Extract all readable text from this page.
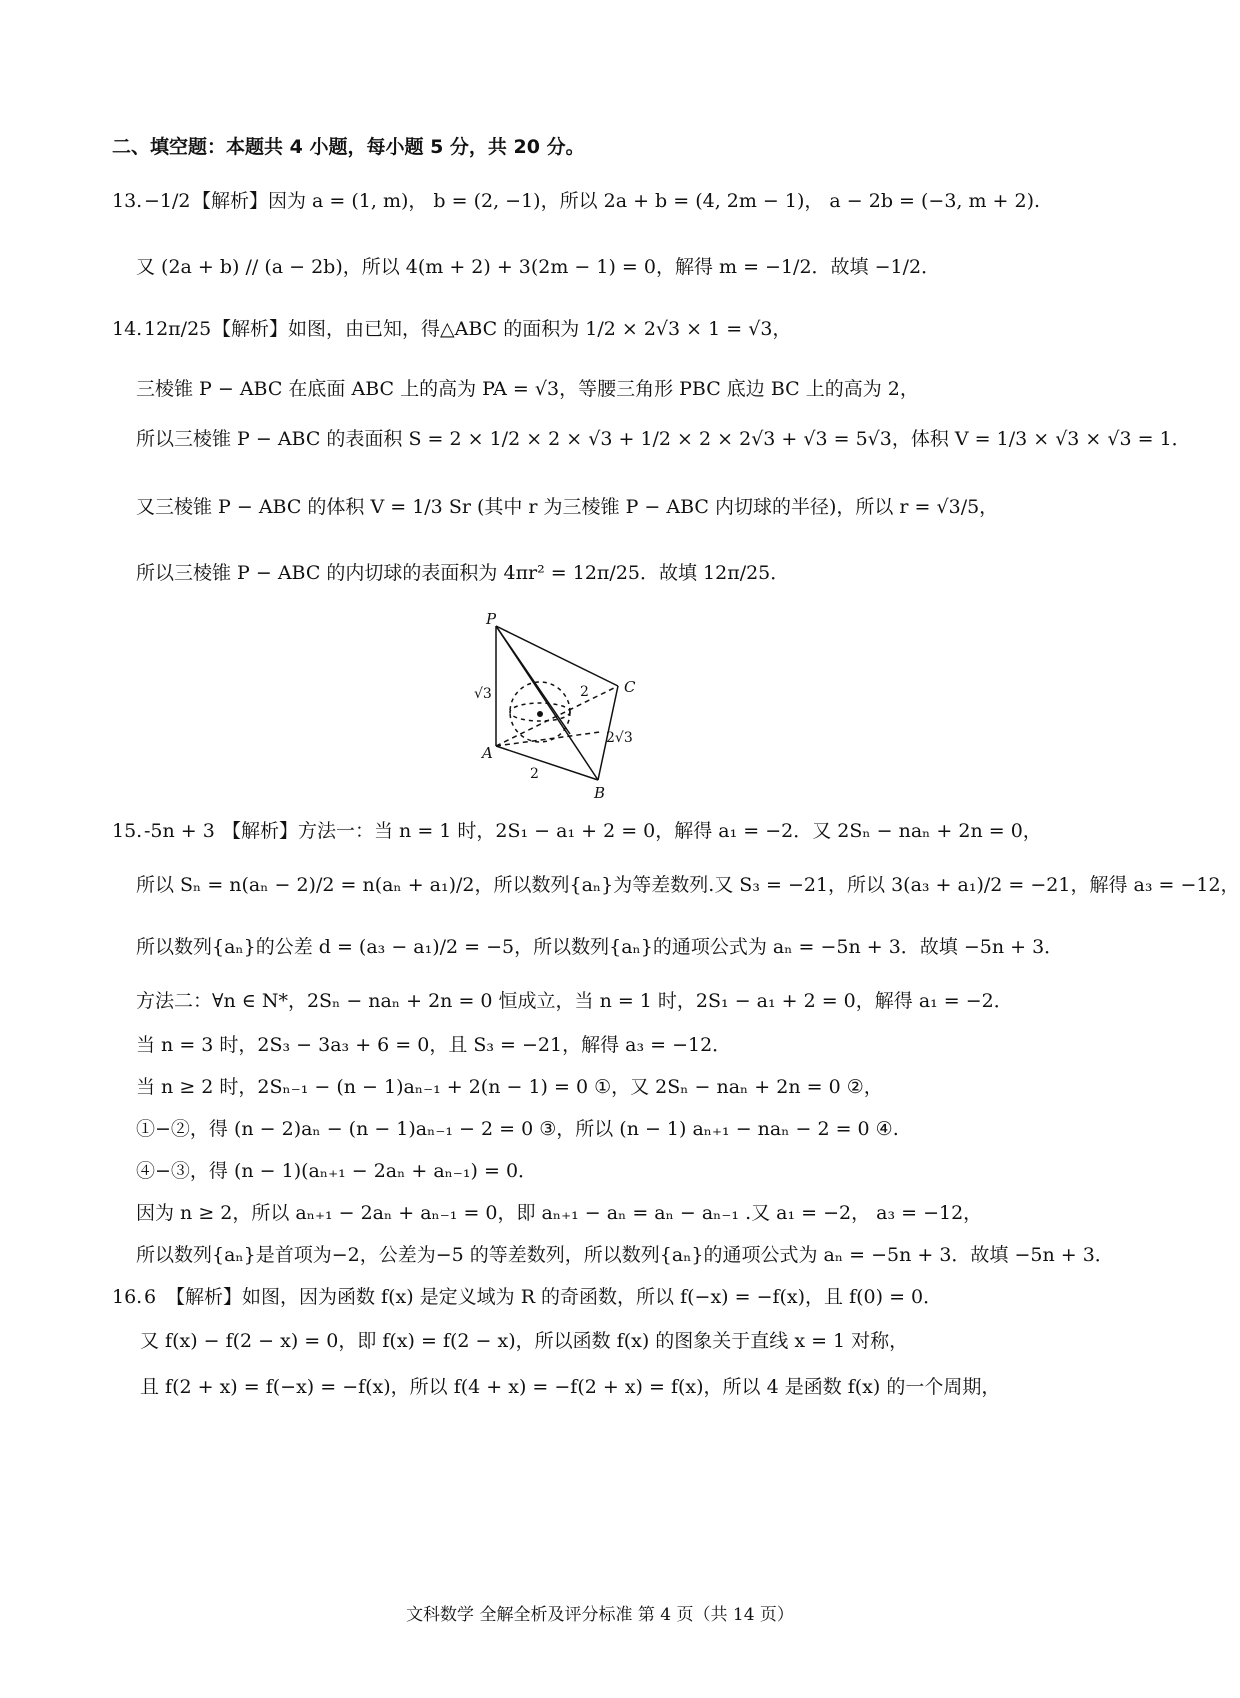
二、填空题：本题共 4 小题，每小题 5 分，共 20 分。
13. −1/2 【解析】因为 a = (1, m)， b = (2, −1)，所以 2a + b = (4, 2m − 1)， a − 2b = (−3, m + 2).
又 (2a + b) // (a − 2b)，所以 4(m + 2) + 3(2m − 1) = 0，解得 m = −1/2．故填 −1/2．
14. 12π/25 【解析】如图，由已知，得△ABC 的面积为 1/2 × 2√3 × 1 = √3，
三棱锥 P − ABC 在底面 ABC 上的高为 PA = √3，等腰三角形 PBC 底边 BC 上的高为 2，
所以三棱锥 P − ABC 的表面积 S = 2 × 1/2 × 2 × √3 + 1/2 × 2 × 2√3 + √3 = 5√3，体积 V = 1/3 × √3 × √3 = 1．
又三棱锥 P − ABC 的体积 V = 1/3 Sr (其中 r 为三棱锥 P − ABC 内切球的半径)，所以 r = √3/5，
所以三棱锥 P − ABC 的内切球的表面积为 4πr² = 12π/25．故填 12π/25．
P
A
B
C
√3	2
2
2√3
15. -5n + 3 【解析】方法一：当 n = 1 时，2S₁ − a₁ + 2 = 0，解得 a₁ = −2．又 2Sₙ − naₙ + 2n = 0，
所以 Sₙ = n(aₙ − 2)/2 = n(aₙ + a₁)/2，所以数列{aₙ}为等差数列.又 S₃ = −21，所以 3(a₃ + a₁)/2 = −21，解得 a₃ = −12，
所以数列{aₙ}的公差 d = (a₃ − a₁)/2 = −5，所以数列{aₙ}的通项公式为 aₙ = −5n + 3．故填 −5n + 3．
方法二：∀n ∈ N*，2Sₙ − naₙ + 2n = 0 恒成立，当 n = 1 时，2S₁ − a₁ + 2 = 0，解得 a₁ = −2．
当 n = 3 时，2S₃ − 3a₃ + 6 = 0，且 S₃ = −21，解得 a₃ = −12．
当 n ≥ 2 时，2Sₙ₋₁ − (n − 1)aₙ₋₁ + 2(n − 1) = 0 ①，又 2Sₙ − naₙ + 2n = 0 ②，
①−②，得 (n − 2)aₙ − (n − 1)aₙ₋₁ − 2 = 0 ③，所以 (n − 1) aₙ₊₁ − naₙ − 2 = 0 ④.
④−③，得 (n − 1)(aₙ₊₁ − 2aₙ + aₙ₋₁) = 0．
因为 n ≥ 2，所以 aₙ₊₁ − 2aₙ + aₙ₋₁ = 0，即 aₙ₊₁ − aₙ = aₙ − aₙ₋₁ .又 a₁ = −2， a₃ = −12，
所以数列{aₙ}是首项为−2，公差为−5 的等差数列，所以数列{aₙ}的通项公式为 aₙ = −5n + 3．故填 −5n + 3．
16. 6 【解析】如图，因为函数 f(x) 是定义域为 R 的奇函数，所以 f(−x) = −f(x)，且 f(0) = 0．
又 f(x) − f(2 − x) = 0，即 f(x) = f(2 − x)，所以函数 f(x) 的图象关于直线 x = 1 对称，
且 f(2 + x) = f(−x) = −f(x)，所以 f(4 + x) = −f(2 + x) = f(x)，所以 4 是函数 f(x) 的一个周期，
文科数学 全解全析及评分标准 第 4 页（共 14 页）
